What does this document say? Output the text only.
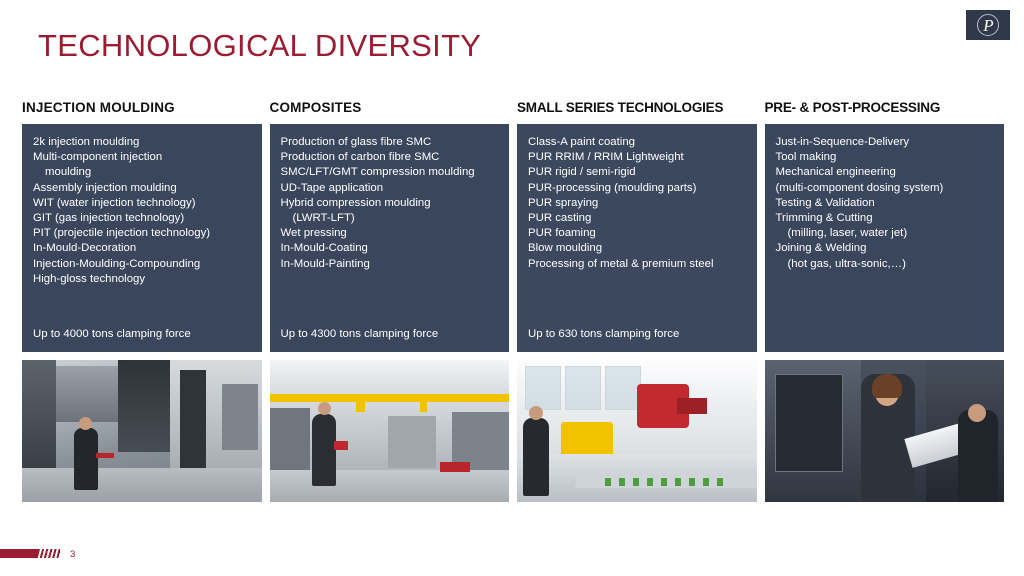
P
TECHNOLOGICAL DIVERSITY
INJECTION MOULDING
2k injection moulding
Multi-component injection
moulding
Assembly injection moulding
WIT (water injection technology)
GIT (gas injection technology)
PIT (projectile injection technology)
In-Mould-Decoration
Injection-Moulding-Compounding
High-gloss technology
Up to 4000 tons clamping force
COMPOSITES
Production of glass fibre SMC
Production of carbon fibre SMC
SMC/LFT/GMT compression moulding
UD-Tape application
Hybrid compression moulding
(LWRT-LFT)
Wet pressing
In-Mould-Coating
In-Mould-Painting
Up to 4300 tons clamping force
SMALL SERIES TECHNOLOGIES
Class-A paint coating
PUR RRIM / RRIM Lightweight
PUR rigid / semi-rigid
PUR-processing (moulding parts)
PUR spraying
PUR casting
PUR foaming
Blow moulding
Processing of metal & premium steel
Up to 630 tons clamping force
PRE- & POST-PROCESSING
Just-in-Sequence-Delivery
Tool making
Mechanical engineering
(multi-component dosing system)
Testing & Validation
Trimming & Cutting
(milling, laser, water jet)
Joining & Welding
(hot gas, ultra-sonic,…)
3
